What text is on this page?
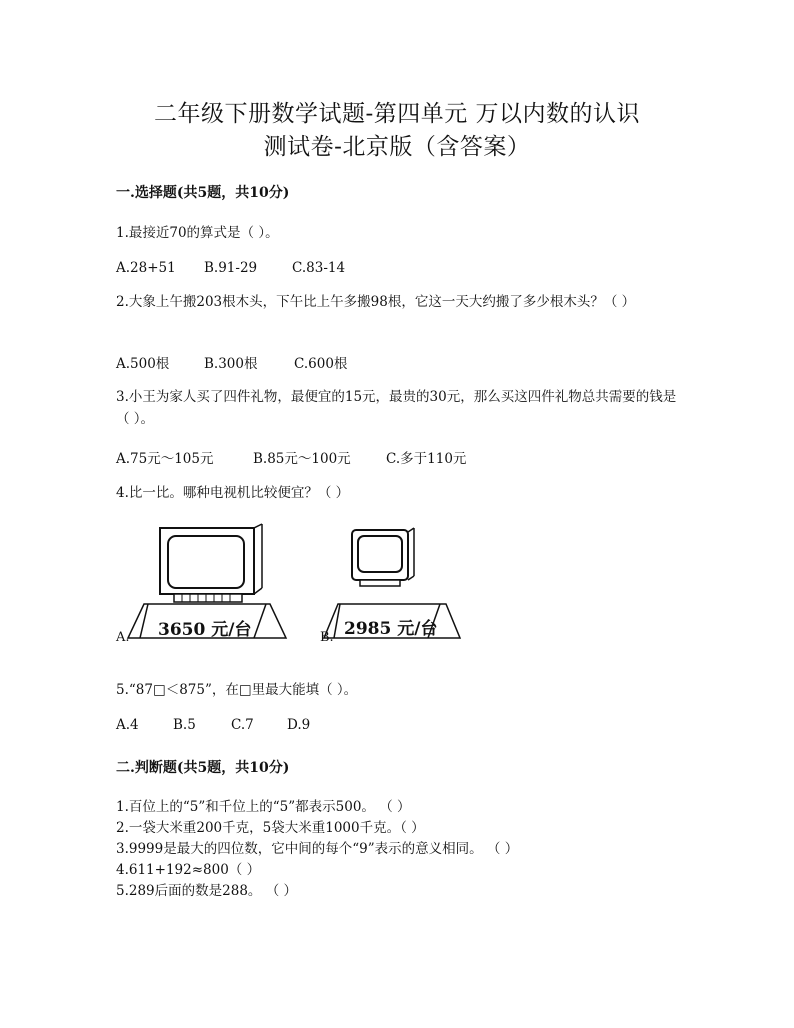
二年级下册数学试题-第四单元 万以内数的认识
测试卷-北京版（含答案）
一.选择题(共5题，共10分)
1.最接近70的算式是（ ）。
A.28+51 B.91-29	C.83-14
2.大象上午搬203根木头，下午比上午多搬98根，它这一天大约搬了多少根木头？（ ）
A.500根	B.300根	C.600根
3.小王为家人买了四件礼物，最便宜的15元，最贵的30元，那么买这四件礼物总共需要的钱是（ ）。
A.75元～105元	B.85元～100元	C.多于110元
4.比一比。哪种电视机比较便宜？（ ）
A. 3650 元/台	B. 2985 元/台
5.“87□＜875”，在□里最大能填（ ）。
A.4	B.5	C.7 D.9
二.判断题(共5题，共10分)
1.百位上的“5”和千位上的“5”都表示500。 （ ）
2.一袋大米重200千克，5袋大米重1000千克。（ ）
3.9999是最大的四位数，它中间的每个“9”表示的意义相同。 （ ）
4.611+192≈800（ ）
5.289后面的数是288。 （ ）
